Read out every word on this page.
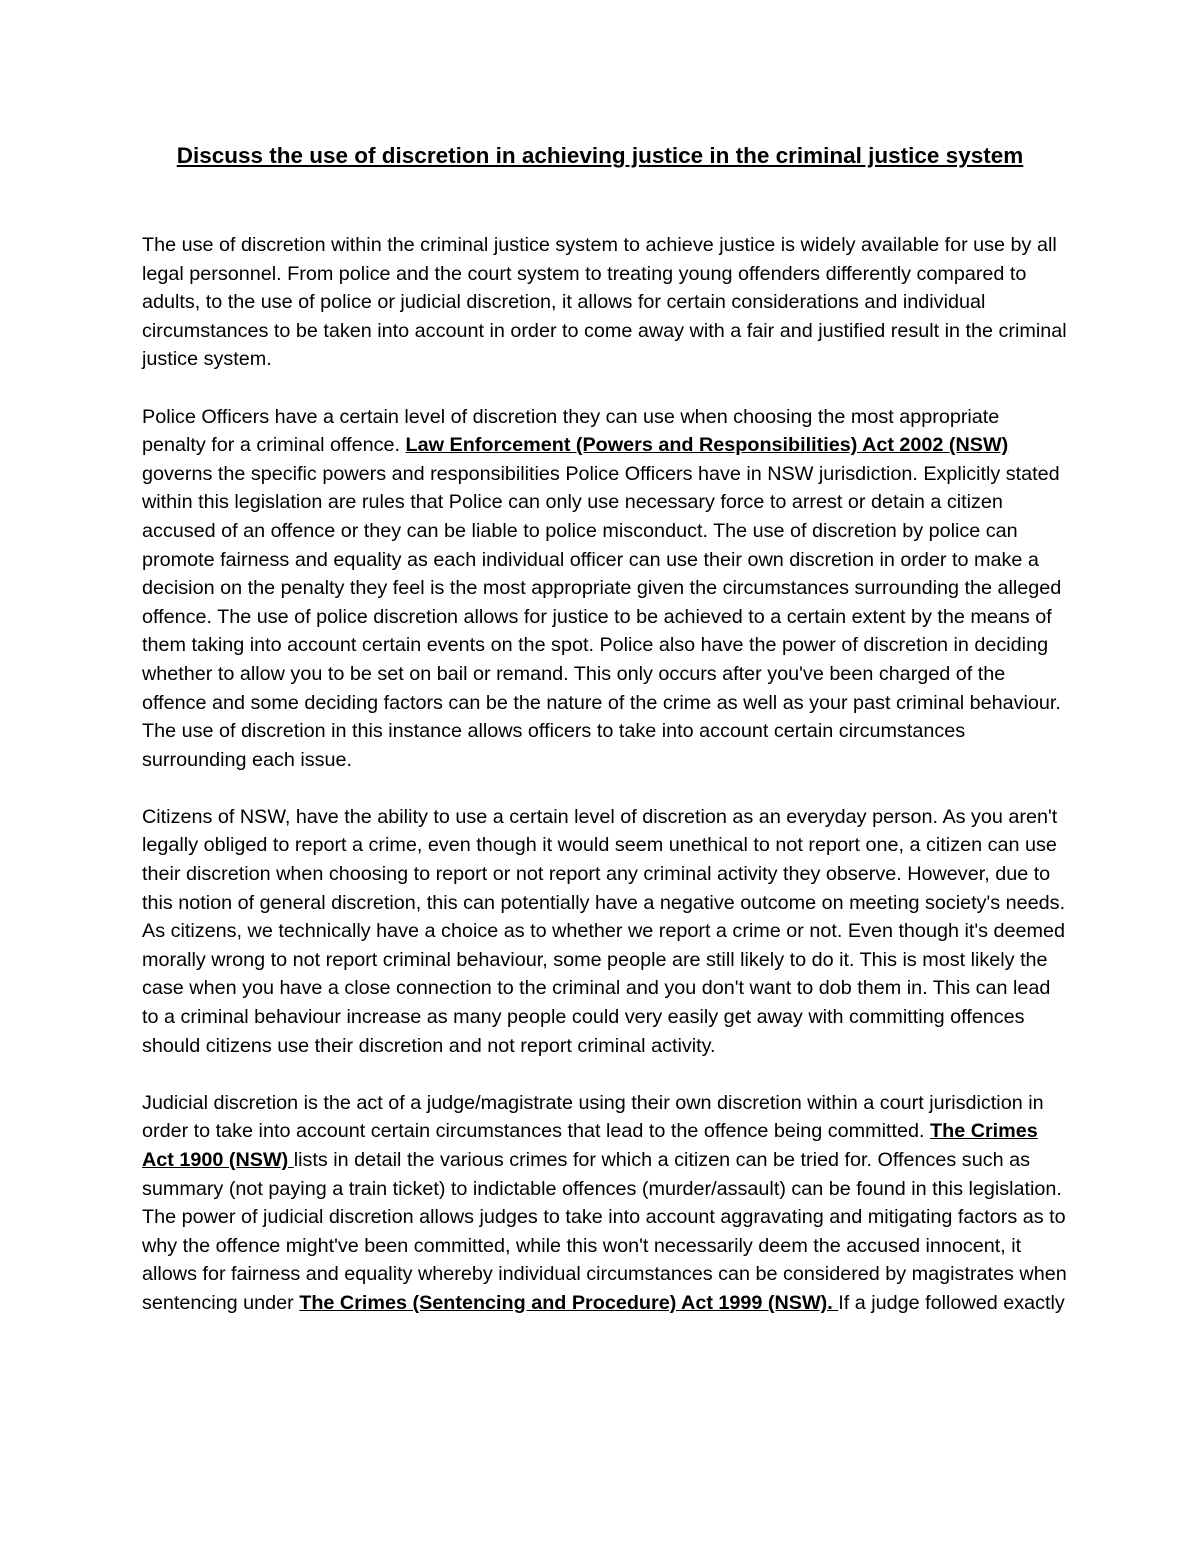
Discuss the use of discretion in achieving justice in the criminal justice system

The use of discretion within the criminal justice system to achieve justice is widely available for use by all legal personnel. From police and the court system to treating young offenders differently compared to adults, to the use of police or judicial discretion, it allows for certain considerations and individual circumstances to be taken into account in order to come away with a fair and justified result in the criminal justice system.

Police Officers have a certain level of discretion they can use when choosing the most appropriate penalty for a criminal offence. Law Enforcement (Powers and Responsibilities) Act 2002 (NSW) governs the specific powers and responsibilities Police Officers have in NSW jurisdiction. Explicitly stated within this legislation are rules that Police can only use necessary force to arrest or detain a citizen accused of an offence or they can be liable to police misconduct. The use of discretion by police can promote fairness and equality as each individual officer can use their own discretion in order to make a decision on the penalty they feel is the most appropriate given the circumstances surrounding the alleged offence. The use of police discretion allows for justice to be achieved to a certain extent by the means of them taking into account certain events on the spot. Police also have the power of discretion in deciding whether to allow you to be set on bail or remand. This only occurs after you've been charged of the offence and some deciding factors can be the nature of the crime as well as your past criminal behaviour. The use of discretion in this instance allows officers to take into account certain circumstances surrounding each issue.

Citizens of NSW, have the ability to use a certain level of discretion as an everyday person. As you aren't legally obliged to report a crime, even though it would seem unethical to not report one, a citizen can use their discretion when choosing to report or not report any criminal activity they observe. However, due to this notion of general discretion, this can potentially have a negative outcome on meeting society's needs. As citizens, we technically have a choice as to whether we report a crime or not. Even though it's deemed morally wrong to not report criminal behaviour, some people are still likely to do it. This is most likely the case when you have a close connection to the criminal and you don't want to dob them in. This can lead to a criminal behaviour increase as many people could very easily get away with committing offences should citizens use their discretion and not report criminal activity.

Judicial discretion is the act of a judge/magistrate using their own discretion within a court jurisdiction in order to take into account certain circumstances that lead to the offence being committed. The Crimes Act 1900 (NSW) lists in detail the various crimes for which a citizen can be tried for. Offences such as summary (not paying a train ticket) to indictable offences (murder/assault) can be found in this legislation. The power of judicial discretion allows judges to take into account aggravating and mitigating factors as to why the offence might've been committed, while this won't necessarily deem the accused innocent, it allows for fairness and equality whereby individual circumstances can be considered by magistrates when sentencing under The Crimes (Sentencing and Procedure) Act 1999 (NSW). If a judge followed exactly
